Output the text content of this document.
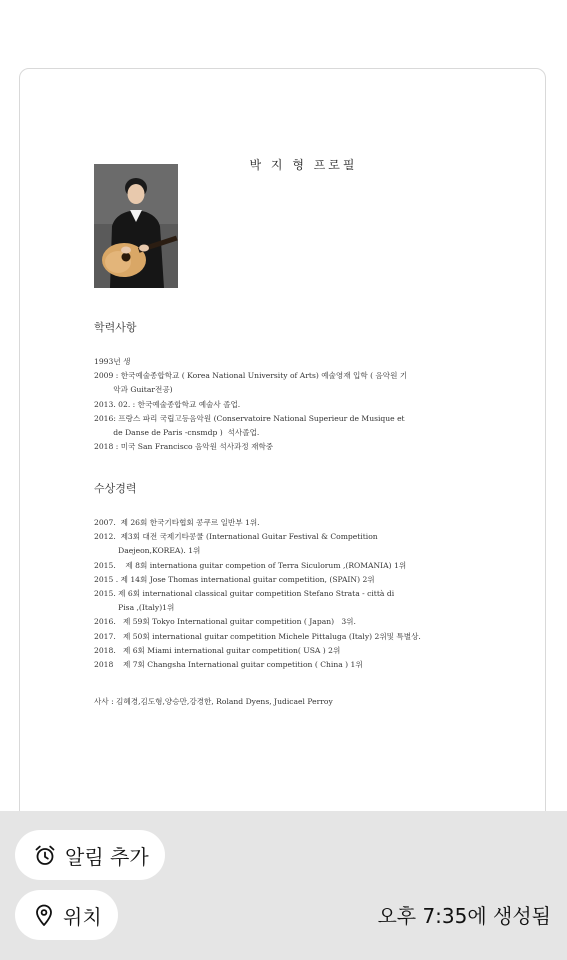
박 지 형 프로필
학력사항
1993년 생
2009 : 한국예술종합학교 ( Korea National University of Arts) 예술영재 입학 ( 음악원 기
악과 Guitar전공)
2013. 02. : 한국예술종합학교 예술사 졸업.
2016: 프랑스 파리 국립고등음악원 (Conservatoire National Superieur de Musique et
de Danse de Paris -cnsmdp )  석사졸업.
2018 : 미국 San Francisco 음악원 석사과정 재학중
수상경력
2007.  제 26회 한국기타협회 콩쿠르 일반부 1위.
2012.  제3회 대전 국제기타콩쿨 (International Guitar Festival & Competition
Daejeon,KOREA). 1위
2015.    제 8회 internationa guitar competion of Terra Siculorum ,(ROMANIA) 1위
2015 . 제 14회 Jose Thomas international guitar competition, (SPAIN) 2위
2015. 제 6회 international classical guitar competition Stefano Strata - città di
Pisa ,(Italy)1위
2016.   제 59회 Tokyo International guitar competition ( Japan)   3위.
2017.   제 50회 international guitar competition Michele Pittaluga (Italy) 2위및 특별상.
2018.   제 6회 Miami international guitar competition( USA ) 2위
2018    제 7회 Changsha International guitar competition ( China ) 1위
사사 : 김혜경,김도형,양승만,강경한, Roland Dyens, Judicael Perroy
알림 추가
위치	오후 7:35에 생성됨
